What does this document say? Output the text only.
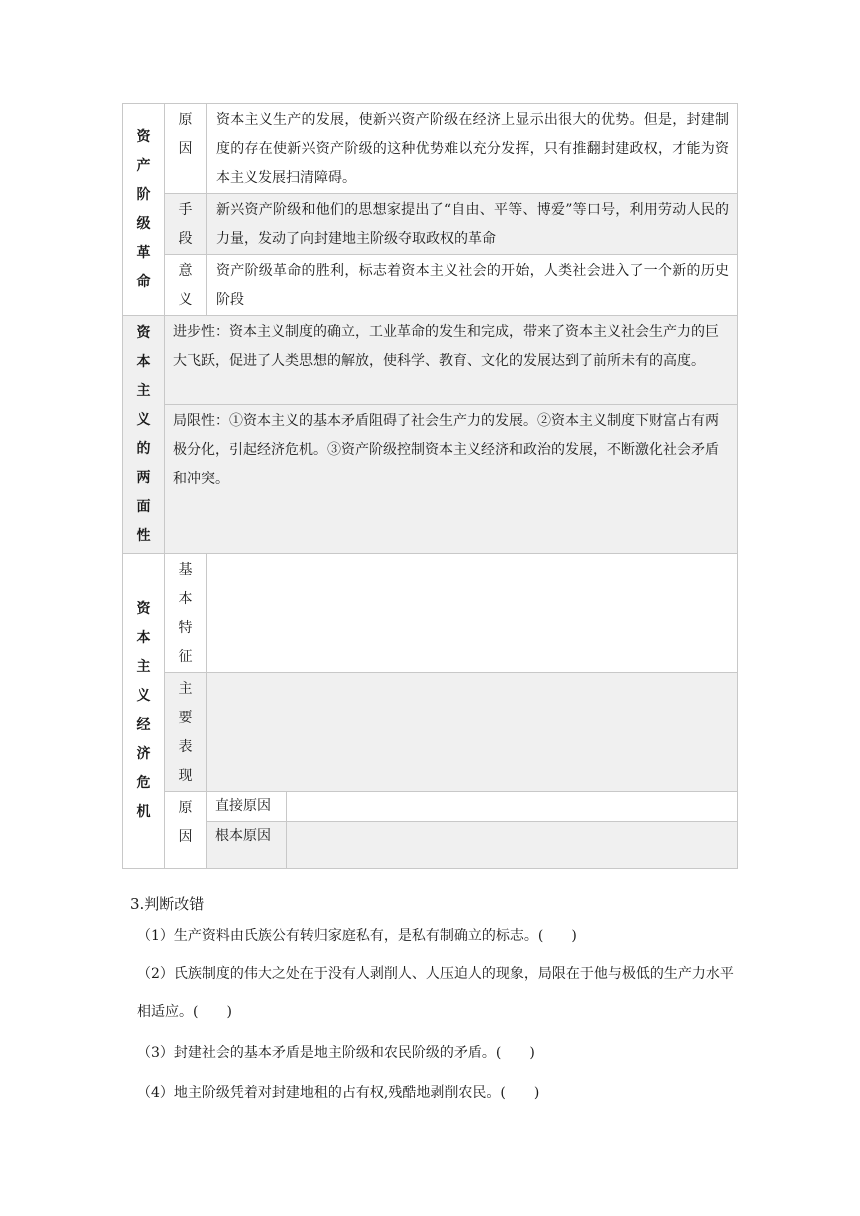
资产阶级革命	原因	资本主义生产的发展，使新兴资产阶级在经济上显示出很大的优势。但是，封建制度的存在使新兴资产阶级的这种优势难以充分发挥，只有推翻封建政权，才能为资本主义发展扫清障碍。	
	手段	新兴资产阶级和他们的思想家提出了“自由、平等、博爱”等口号，利用劳动人民的力量，发动了向封建地主阶级夺取政权的革命	
	意义	资产阶级革命的胜利，标志着资本主义社会的开始，人类社会进入了一个新的历史阶段	
资本主义的两面性	进步性：资本主义制度的确立，工业革命的发生和完成，带来了资本主义社会生产力的巨大飞跃，促进了人类思想的解放，使科学、教育、文化的发展达到了前所未有的高度。		
	局限性：①资本主义的基本矛盾阻碍了社会生产力的发展。②资本主义制度下财富占有两极分化，引起经济危机。③资产阶级控制资本主义经济和政治的发展，不断激化社会矛盾和冲突。		
资本主义经济危机	基本特征		
	主要表现		
	原因	直接原因	
		根本原因	
3.判断改错
（1）生产资料由氏族公有转归家庭私有，是私有制确立的标志。(　　)
（2）氏族制度的伟大之处在于没有人剥削人、人压迫人的现象，局限在于他与极低的生产力水平相适应。(　　)
（3）封建社会的基本矛盾是地主阶级和农民阶级的矛盾。(　　)
（4）地主阶级凭着对封建地租的占有权,残酷地剥削农民。(　　)
